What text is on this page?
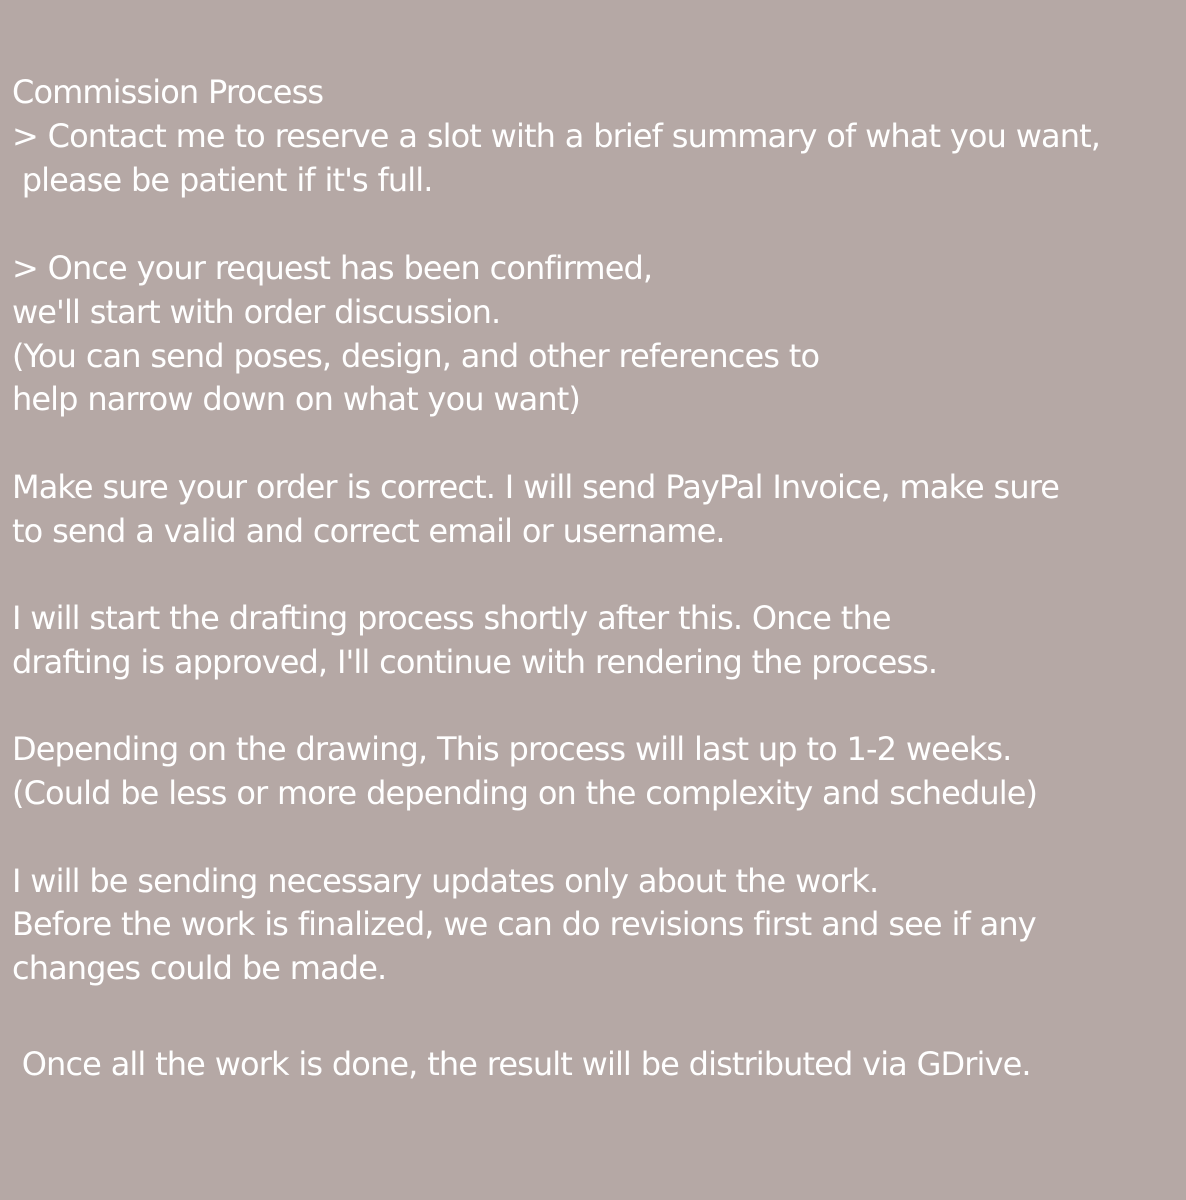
Commission Process

> Contact me to reserve a slot with a brief summary of what you want,

please be patient if it's full.

> Once your request has been confirmed,

we'll start with order discussion.

(You can send poses, design, and other references to

help narrow down on what you want)

Make sure your order is correct. I will send PayPal Invoice, make sure

to send a valid and correct email or username.

I will start the drafting process shortly after this. Once the

drafting is approved, I'll continue with rendering the process.

Depending on the drawing, This process will last up to 1-2 weeks.

(Could be less or more depending on the complexity and schedule)

I will be sending necessary updates only about the work.

Before the work is finalized, we can do revisions first and see if any

changes could be made.

Once all the work is done, the result will be distributed via GDrive.
